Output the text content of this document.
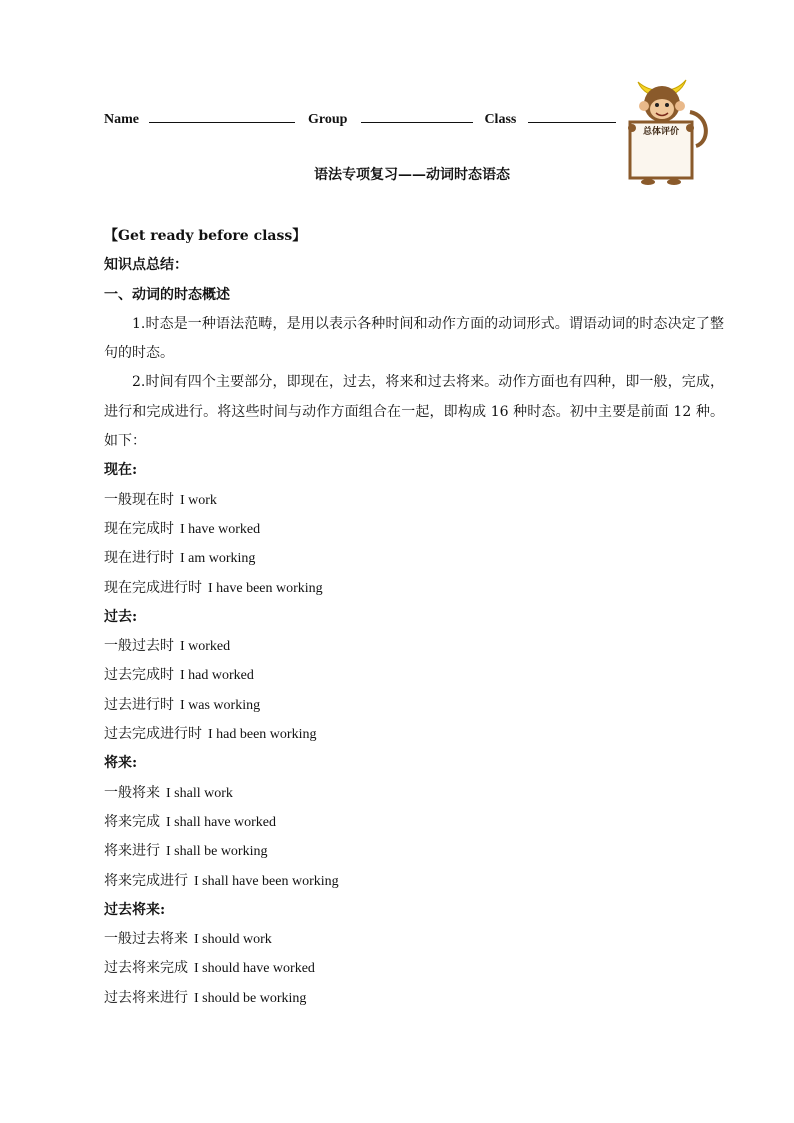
Name	Group	Class
总体评价
语法专项复习——动词时态语态
【Get ready before class】
知识点总结：
一、动词的时态概述

1.时态是一种语法范畴，是用以表示各种时间和动作方面的动词形式。谓语动词的时态决定了整句的时态。

2.时间有四个主要部分，即现在，过去，将来和过去将来。动作方面也有四种，即一般，完成，进行和完成进行。将这些时间与动作方面组合在一起，即构成 16 种时态。初中主要是前面 12 种。如下：

现在:
一般现在时 I work
现在完成时 I have worked
现在进行时 I am working
现在完成进行时 I have been working
过去:
一般过去时 I worked
过去完成时 I had worked
过去进行时 I was working
过去完成进行时 I had been working
将来:
一般将来 I shall work
将来完成 I shall have worked
将来进行 I shall be working
将来完成进行 I shall have been working
过去将来:
一般过去将来 I should work
过去将来完成 I should have worked
过去将来进行 I should be working
